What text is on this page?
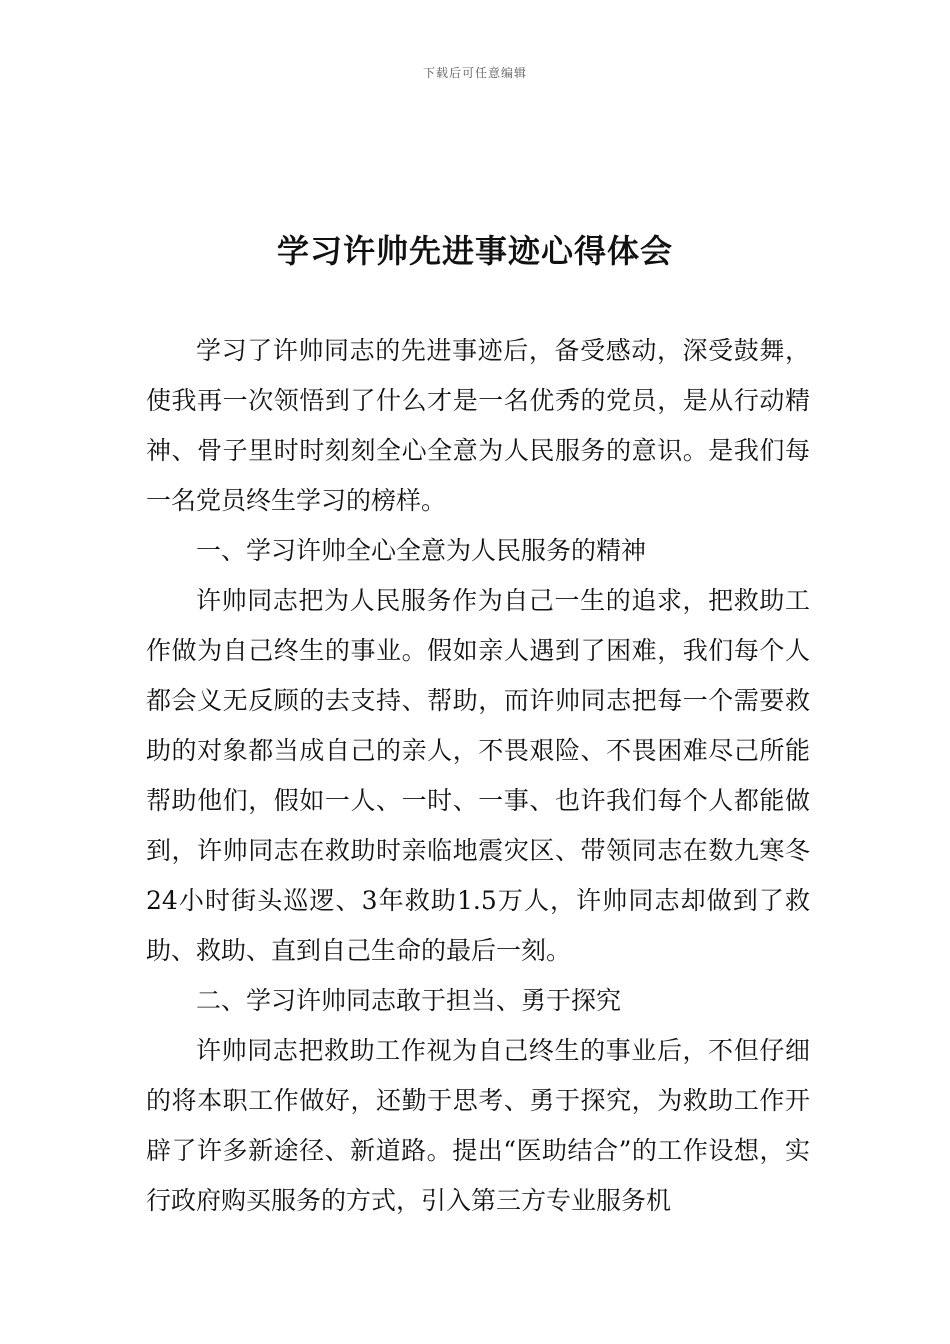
下载后可任意编辑
学习许帅先进事迹心得体会

学习了许帅同志的先进事迹后，备受感动，深受鼓舞，使我再一次领悟到了什么才是一名优秀的党员，是从行动精神、骨子里时时刻刻全心全意为人民服务的意识。是我们每一名党员终生学习的榜样。

一、学习许帅全心全意为人民服务的精神

许帅同志把为人民服务作为自己一生的追求，把救助工作做为自己终生的事业。假如亲人遇到了困难，我们每个人都会义无反顾的去支持、帮助，而许帅同志把每一个需要救助的对象都当成自己的亲人，不畏艰险、不畏困难尽己所能帮助他们，假如一人、一时、一事、也许我们每个人都能做到，许帅同志在救助时亲临地震灾区、带领同志在数九寒冬24小时街头巡逻、3年救助1.5万人，许帅同志却做到了救助、救助、直到自己生命的最后一刻。

二、学习许帅同志敢于担当、勇于探究

许帅同志把救助工作视为自己终生的事业后，不但仔细的将本职工作做好，还勤于思考、勇于探究，为救助工作开辟了许多新途径、新道路。提出“医助结合”的工作设想，实行政府购买服务的方式，引入第三方专业服务机
